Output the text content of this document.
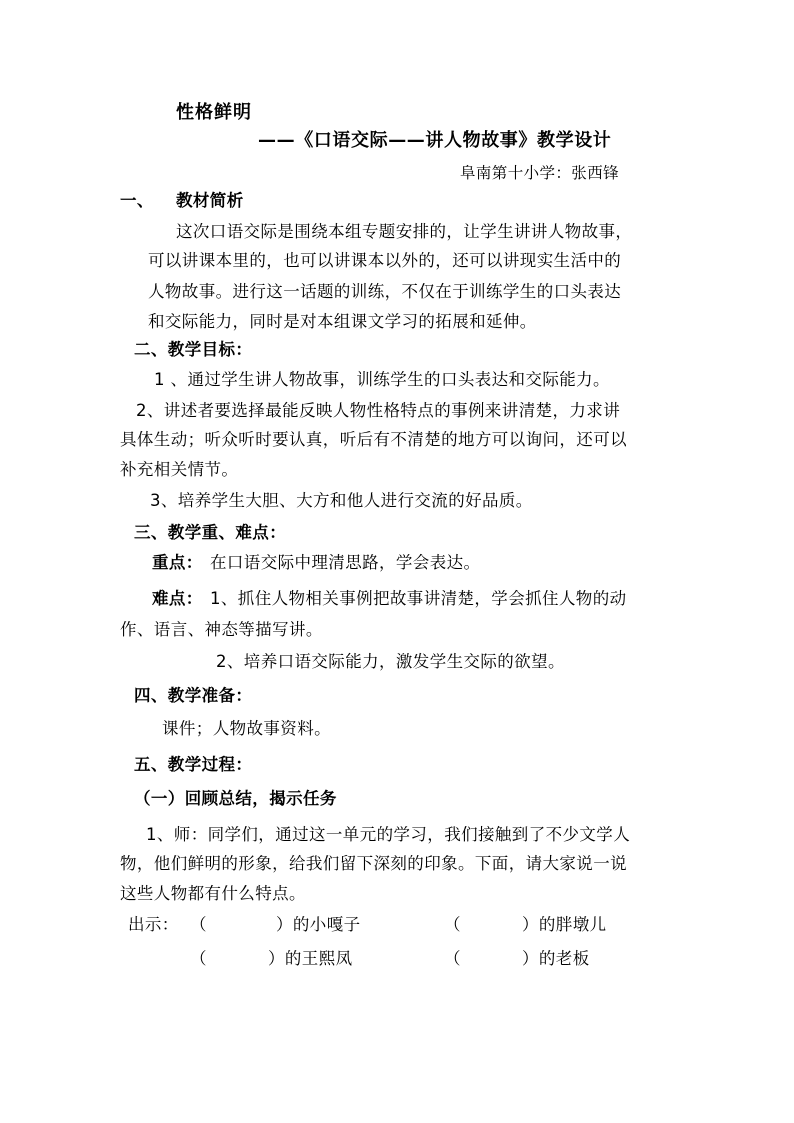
性格鲜明
——《口语交际——讲人物故事》教学设计
阜南第十小学：张西锋
一、 教材简析
这次口语交际是围绕本组专题安排的，让学生讲讲人物故事，
可以讲课本里的，也可以讲课本以外的，还可以讲现实生活中的
人物故事。进行这一话题的训练，不仅在于训练学生的口头表达
和交际能力，同时是对本组课文学习的拓展和延伸。
二、教学目标：
1 、通过学生讲人物故事，训练学生的口头表达和交际能力。
2、讲述者要选择最能反映人物性格特点的事例来讲清楚，力求讲
具体生动；听众听时要认真，听后有不清楚的地方可以询问，还可以
补充相关情节。
3、培养学生大胆、大方和他人进行交流的好品质。
三、教学重、难点：
重点： 在口语交际中理清思路，学会表达。
难点： 1、抓住人物相关事例把故事讲清楚，学会抓住人物的动
作、语言、神态等描写讲。
2、培养口语交际能力，激发学生交际的欲望。
四、教学准备：
课件；人物故事资料。
五、教学过程：
（一）回顾总结，揭示任务
1、师：同学们，通过这一单元的学习，我们接触到了不少文学人
物，他们鲜明的形象，给我们留下深刻的印象。下面，请大家说一说
这些人物都有什么特点。
出示： （	）的小嘎子	（	）的胖墩儿
（	）的王熙凤	（	）的老板
